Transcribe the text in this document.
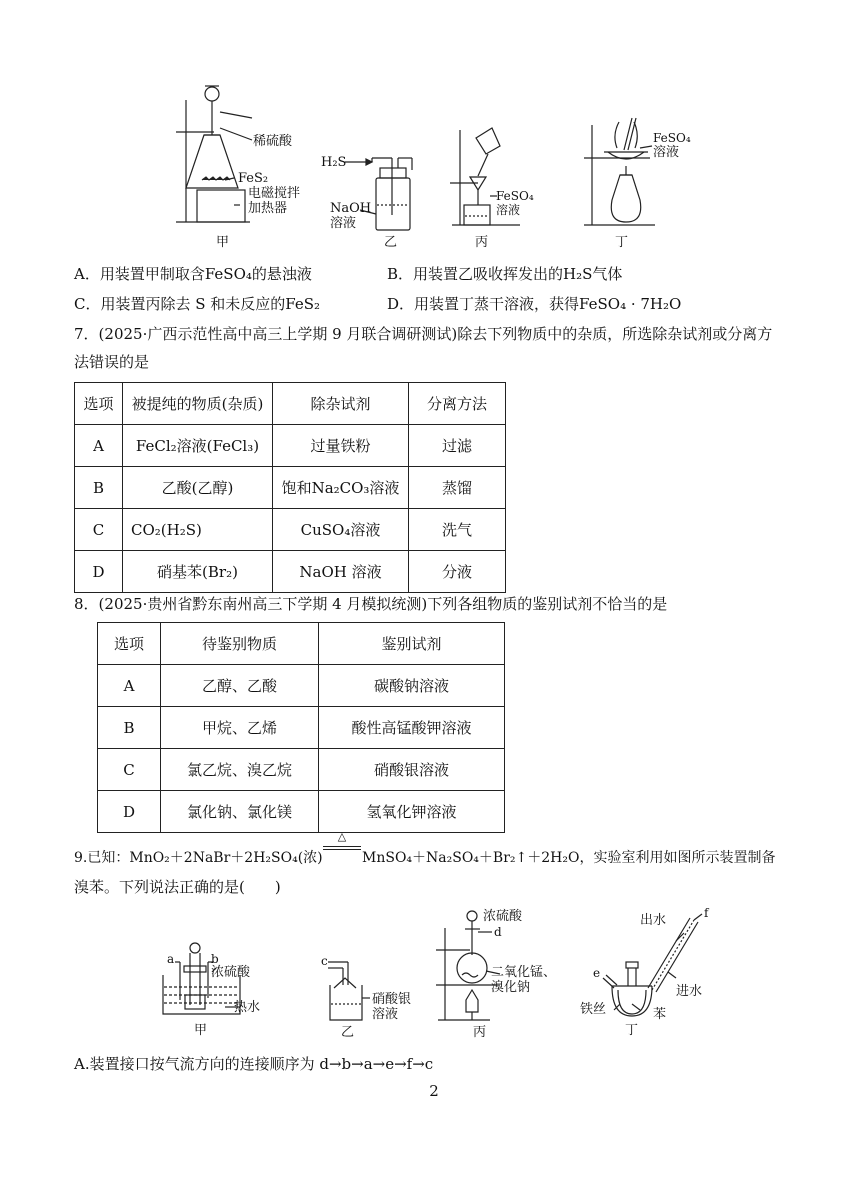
稀硫酸
FeS₂
电磁搅拌
加热器
甲
H₂S
NaOH
溶液
乙
FeSO₄
溶液
丙
FeSO₄
溶液
丁
A．用装置甲制取含FeSO₄的悬浊液	B．用装置乙吸收挥发出的H₂S气体
C．用装置丙除去 S 和未反应的FeS₂	D．用装置丁蒸干溶液，获得FeSO₄ · 7H₂O
7．(2025·广西示范性高中高三上学期 9 月联合调研测试)除去下列物质中的杂质，所选除杂试剂或分离方
法错误的是
选项	被提纯的物质(杂质)	除杂试剂	分离方法
A	FeCl₂溶液(FeCl₃)	过量铁粉	过滤
B	乙酸(乙醇)	饱和Na₂CO₃溶液	蒸馏
C	CO₂(H₂S)	CuSO₄溶液	洗气
D	硝基苯(Br₂)	NaOH 溶液	分液
8．(2025·贵州省黔东南州高三下学期 4 月模拟统测)下列各组物质的鉴别试剂不恰当的是
选项	待鉴别物质	鉴别试剂
A	乙醇、乙酸	碳酸钠溶液
B	甲烷、乙烯	酸性高锰酸钾溶液
C	氯乙烷、溴乙烷	硝酸银溶液
D	氯化钠、氯化镁	氢氧化钾溶液
9.已知：MnO₂＋2NaBr＋2H₂SO₄(浓)
△
MnSO₄＋Na₂SO₄＋Br₂↑＋2H₂O，实验室利用如图所示装置制备
溴苯。下列说法正确的是(　　)
a	b
浓硫酸
热水
甲
c
硝酸银
溶液
乙
浓硫酸
d
二氧化锰、
溴化钠
丙
出水	f
e
进水
铁丝	苯
丁
A.装置接口按气流方向的连接顺序为 d→b→a→e→f→c
2
